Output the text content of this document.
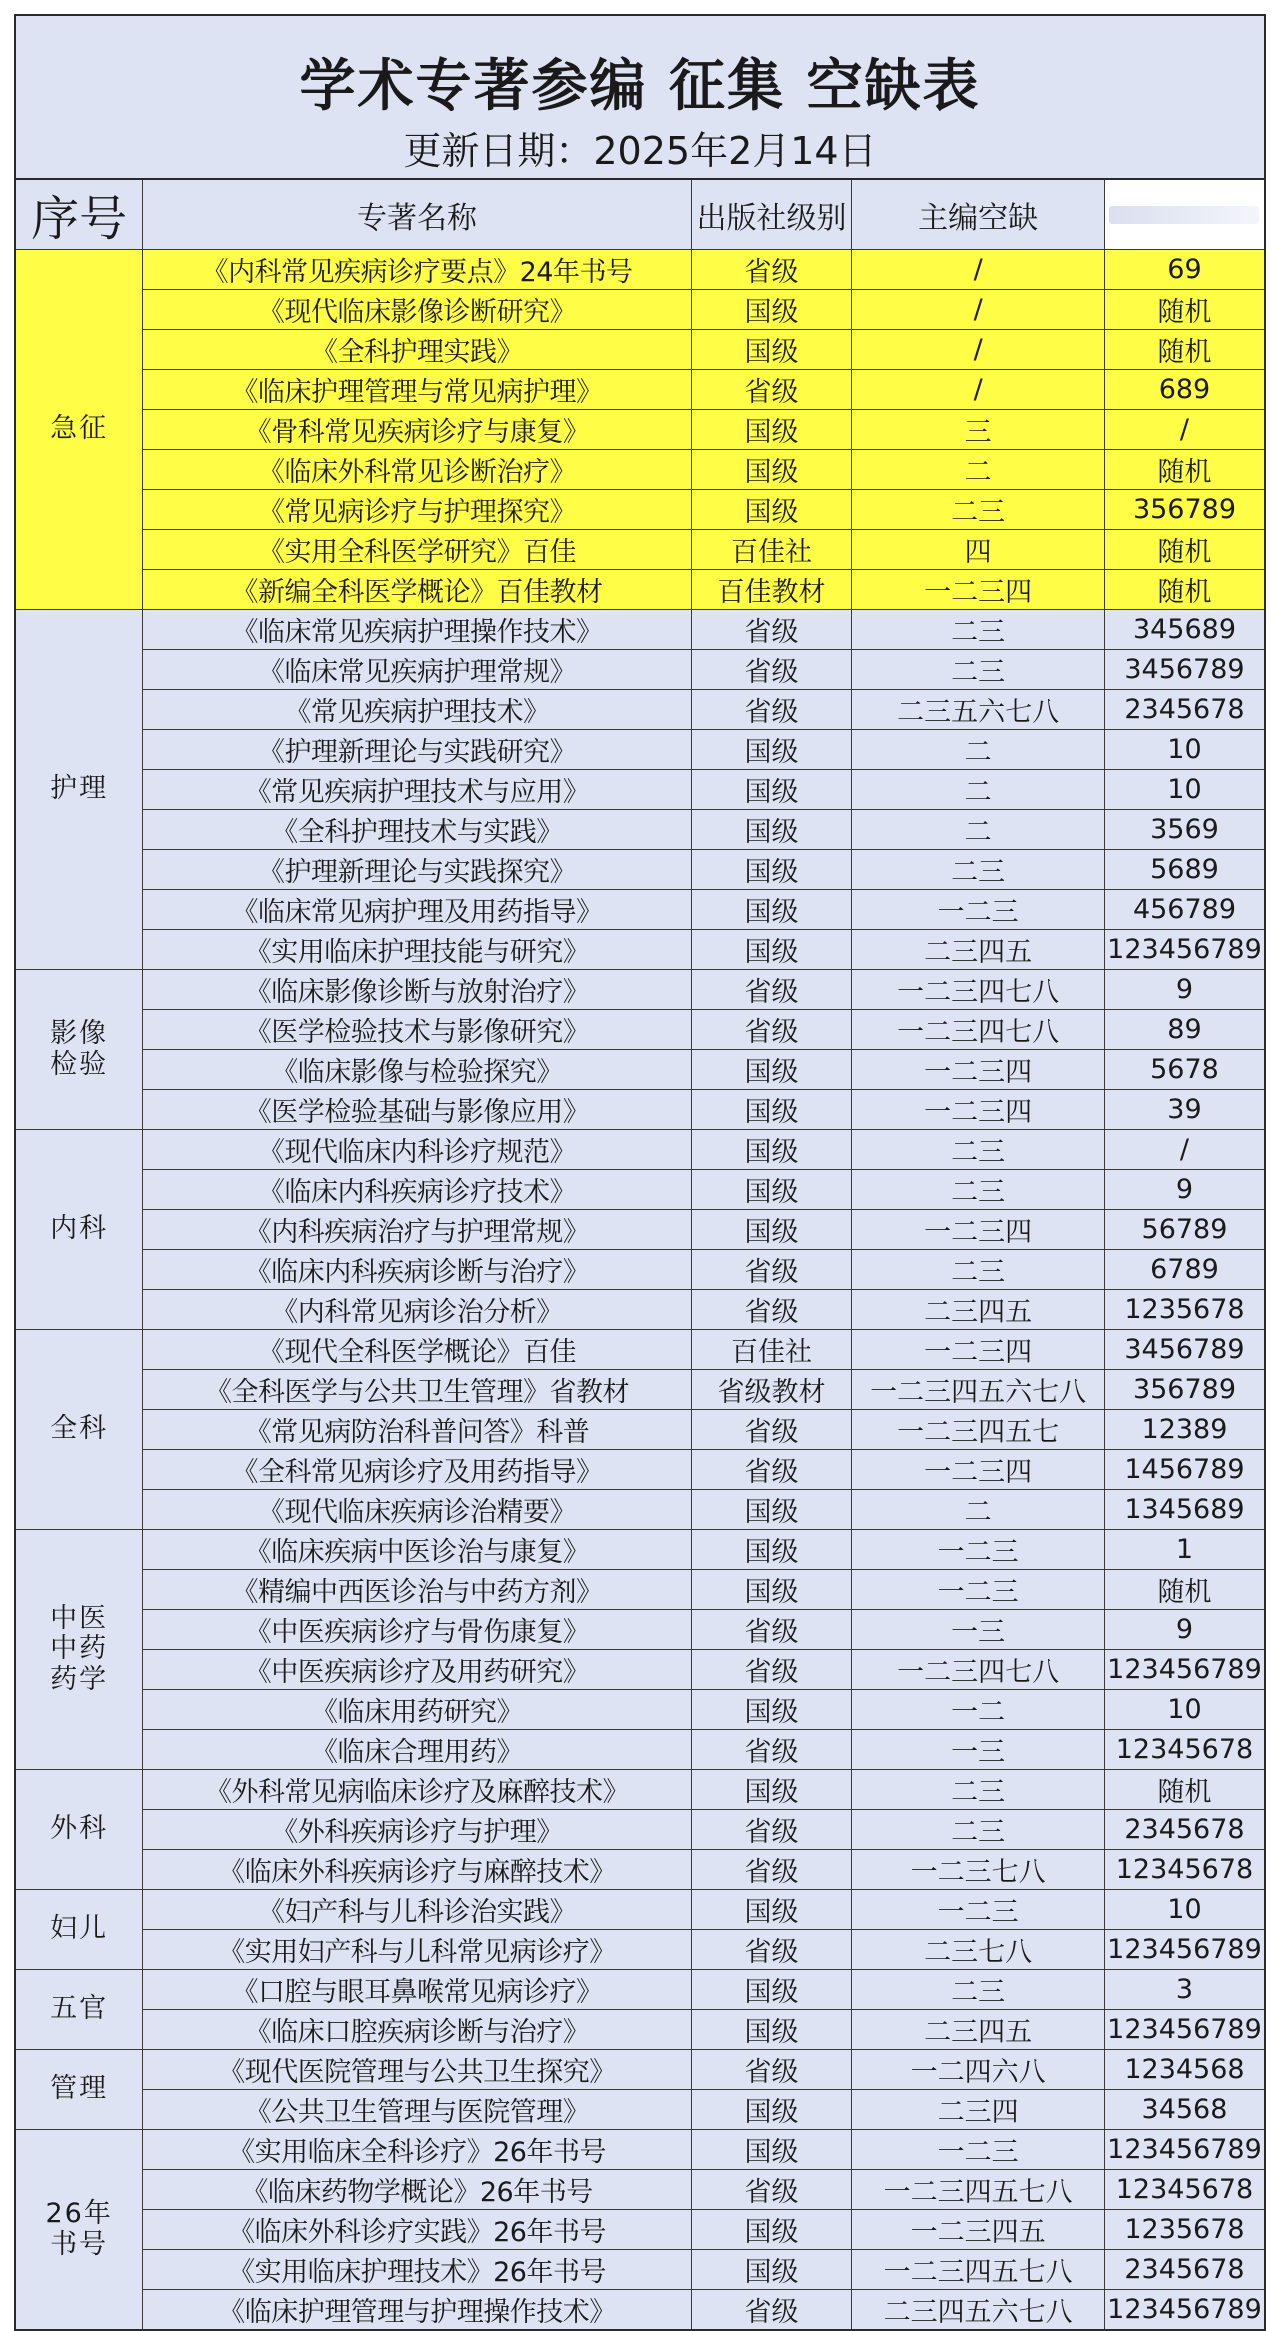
学术专著参编 征集 空缺表
更新日期：2025年2月14日
序号	专著名称	出版社级别	主编空缺	
急征	《内科常见疾病诊疗要点》24年书号	省级	/	69
	《现代临床影像诊断研究》	国级	/	随机
	《全科护理实践》	国级	/	随机
	《临床护理管理与常见病护理》	省级	/	689
	《骨科常见疾病诊疗与康复》	国级	三	/
	《临床外科常见诊断治疗》	国级	二	随机
	《常见病诊疗与护理探究》	国级	二三	356789
	《实用全科医学研究》百佳	百佳社	四	随机
	《新编全科医学概论》百佳教材	百佳教材	一二三四	随机
护理	《临床常见疾病护理操作技术》	省级	二三	345689
	《临床常见疾病护理常规》	省级	二三	3456789
	《常见疾病护理技术》	省级	二三五六七八	2345678
	《护理新理论与实践研究》	国级	二	10
	《常见疾病护理技术与应用》	国级	二	10
	《全科护理技术与实践》	国级	二	3569
	《护理新理论与实践探究》	国级	二三	5689
	《临床常见病护理及用药指导》	国级	一二三	456789
	《实用临床护理技能与研究》	国级	二三四五	123456789
影像
检验	《临床影像诊断与放射治疗》	省级	一二三四七八	9
	《医学检验技术与影像研究》	省级	一二三四七八	89
	《临床影像与检验探究》	国级	一二三四	5678
	《医学检验基础与影像应用》	国级	一二三四	39
内科	《现代临床内科诊疗规范》	国级	二三	/
	《临床内科疾病诊疗技术》	国级	二三	9
	《内科疾病治疗与护理常规》	国级	一二三四	56789
	《临床内科疾病诊断与治疗》	省级	二三	6789
	《内科常见病诊治分析》	省级	二三四五	1235678
全科	《现代全科医学概论》百佳	百佳社	一二三四	3456789
	《全科医学与公共卫生管理》省教材	省级教材	一二三四五六七八	356789
	《常见病防治科普问答》科普	省级	一二三四五七	12389
	《全科常见病诊疗及用药指导》	省级	一二三四	1456789
	《现代临床疾病诊治精要》	国级	二	1345689
中医
中药
药学	《临床疾病中医诊治与康复》	国级	一二三	1
	《精编中西医诊治与中药方剂》	国级	一二三	随机
	《中医疾病诊疗与骨伤康复》	省级	一三	9
	《中医疾病诊疗及用药研究》	省级	一二三四七八	123456789
	《临床用药研究》	国级	一二	10
	《临床合理用药》	省级	一三	12345678
外科	《外科常见病临床诊疗及麻醉技术》	国级	二三	随机
	《外科疾病诊疗与护理》	省级	二三	2345678
	《临床外科疾病诊疗与麻醉技术》	省级	一二三七八	12345678
妇儿	《妇产科与儿科诊治实践》	国级	一二三	10
	《实用妇产科与儿科常见病诊疗》	省级	二三七八	123456789
五官	《口腔与眼耳鼻喉常见病诊疗》	国级	二三	3
	《临床口腔疾病诊断与治疗》	国级	二三四五	123456789
管理	《现代医院管理与公共卫生探究》	省级	一二四六八	1234568
	《公共卫生管理与医院管理》	国级	二三四	34568
26年
书号	《实用临床全科诊疗》26年书号	国级	一二三	123456789
	《临床药物学概论》26年书号	省级	一二三四五七八	12345678
	《临床外科诊疗实践》26年书号	国级	一二三四五	1235678
	《实用临床护理技术》26年书号	国级	一二三四五七八	2345678
	《临床护理管理与护理操作技术》	省级	二三四五六七八	123456789
